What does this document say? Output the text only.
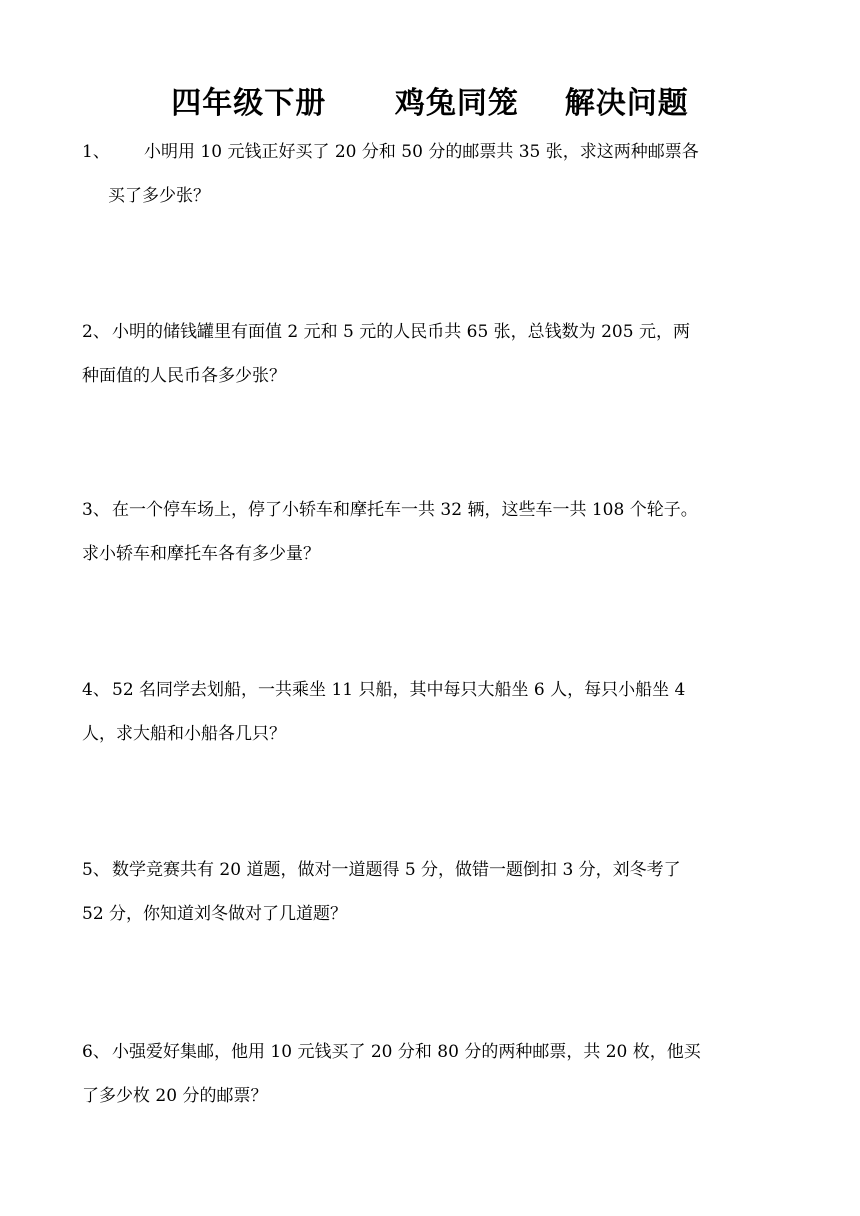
四年级下册      鸡兔同笼    解决问题
1、 小明用 10 元钱正好买了 20 分和 50 分的邮票共 35 张，求这两种邮票各
买了多少张？
2、 小明的储钱罐里有面值 2 元和 5 元的人民币共 65 张，总钱数为 205 元，两
种面值的人民币各多少张？
3、 在一个停车场上，停了小轿车和摩托车一共 32 辆，这些车一共 108 个轮子。
求小轿车和摩托车各有多少量？
4、 52 名同学去划船，一共乘坐 11 只船，其中每只大船坐 6 人，每只小船坐 4
人，求大船和小船各几只？
5、 数学竞赛共有 20 道题，做对一道题得 5 分，做错一题倒扣 3 分，刘冬考了
52 分，你知道刘冬做对了几道题？
6、 小强爱好集邮，他用 10 元钱买了 20 分和 80 分的两种邮票，共 20 枚，他买
了多少枚 20 分的邮票？
